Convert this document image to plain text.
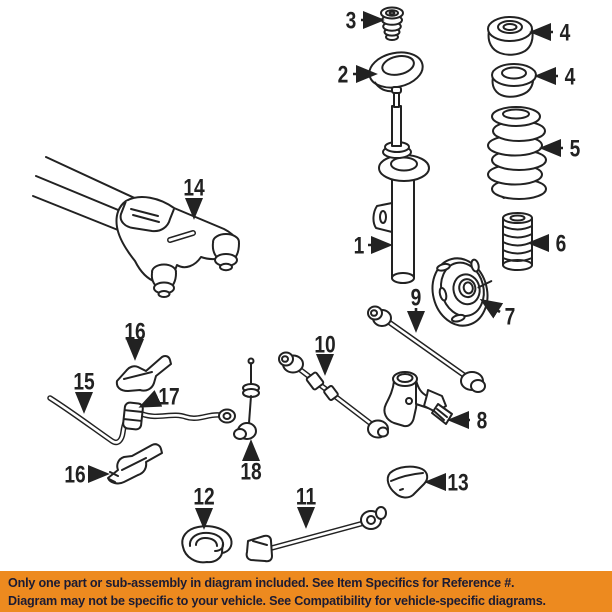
1
2
3	4
4
5
6
7
8
9
10
11
12
13
14
15
16
16
17
18
Only one part or sub-assembly in diagram included. See Item Specifics for Reference #.
Diagram may not be specific to your vehicle. See Compatibility for vehicle-specific diagrams.
